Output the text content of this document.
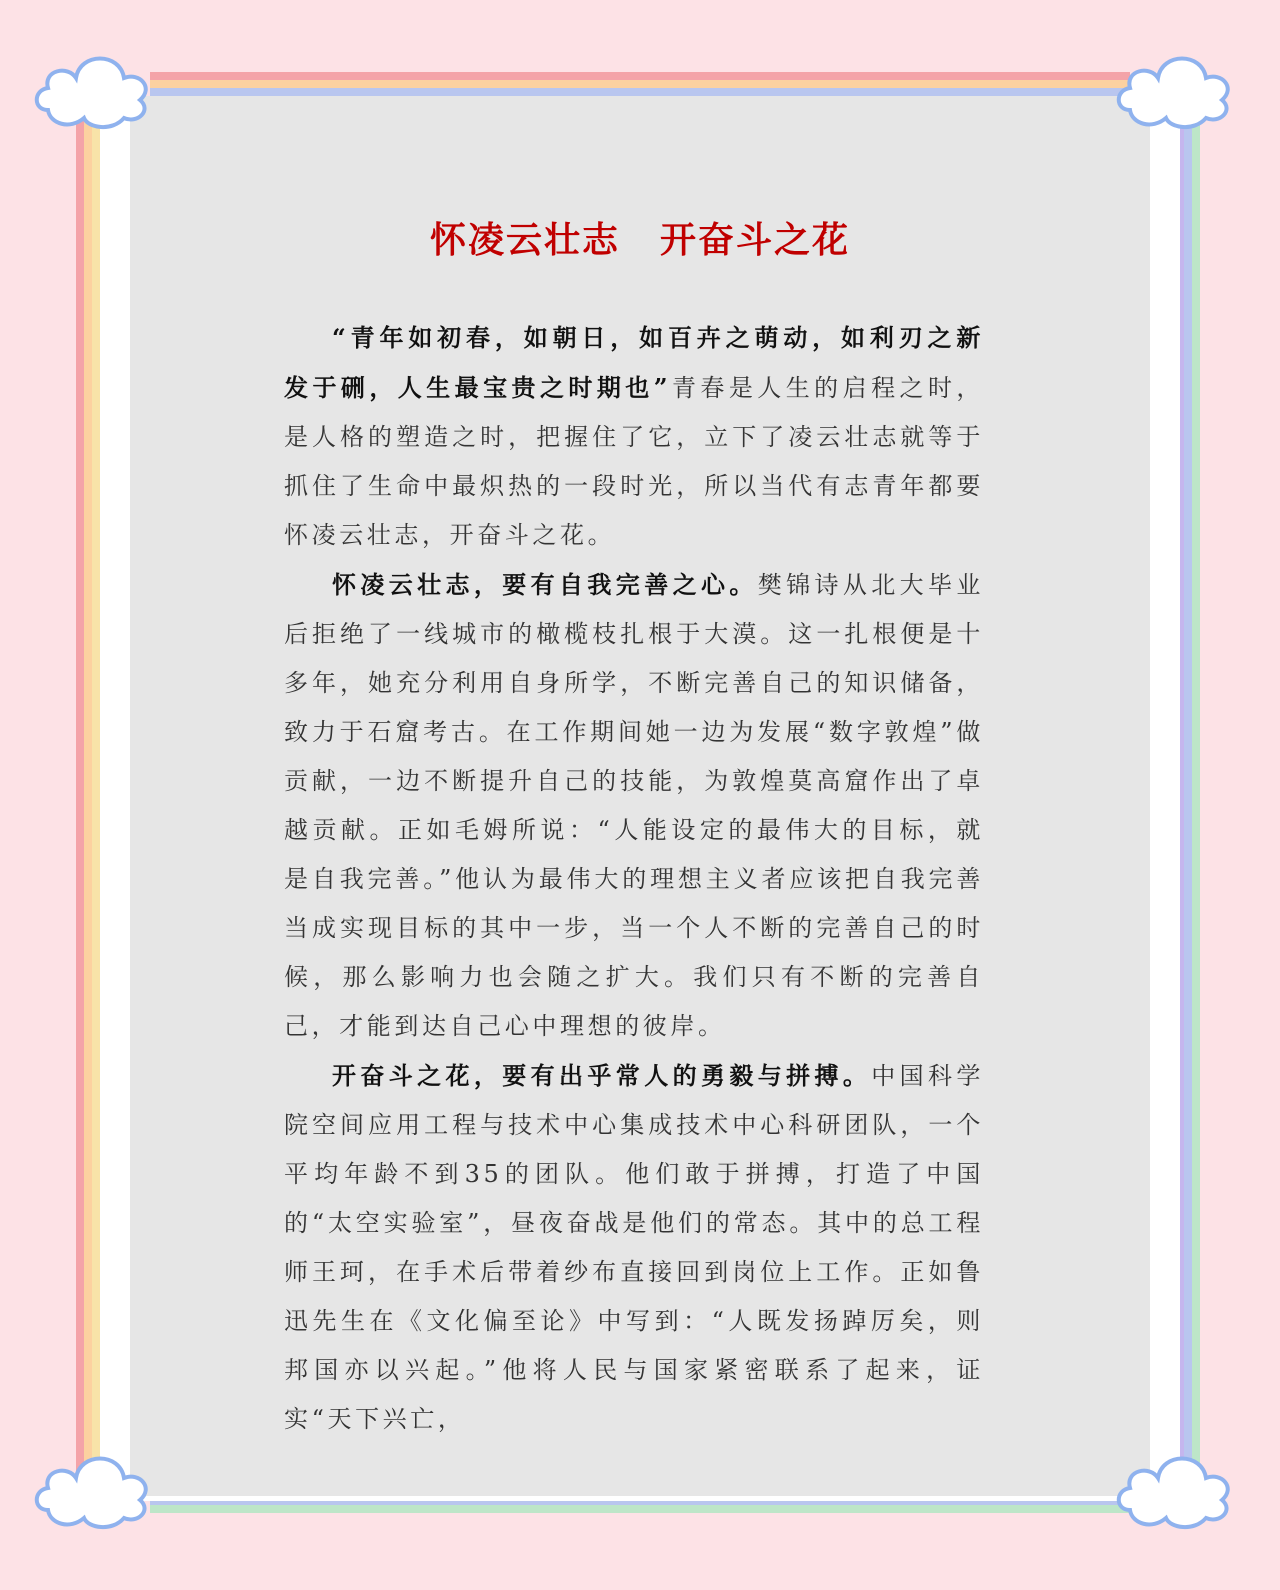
怀凌云壮志 开奋斗之花

“青年如初春，如朝日，如百卉之萌动，如利刃之新发于硎，人生最宝贵之时期也”青春是人生的启程之时，是人格的塑造之时，把握住了它，立下了凌云壮志就等于抓住了生命中最炽热的一段时光，所以当代有志青年都要怀凌云壮志，开奋斗之花。

怀凌云壮志，要有自我完善之心。樊锦诗从北大毕业后拒绝了一线城市的橄榄枝扎根于大漠。这一扎根便是十多年，她充分利用自身所学，不断完善自己的知识储备，致力于石窟考古。在工作期间她一边为发展“数字敦煌”做贡献，一边不断提升自己的技能，为敦煌莫高窟作出了卓越贡献。正如毛姆所说：“人能设定的最伟大的目标，就是自我完善。”他认为最伟大的理想主义者应该把自我完善当成实现目标的其中一步，当一个人不断的完善自己的时候，那么影响力也会随之扩大。我们只有不断的完善自己，才能到达自己心中理想的彼岸。

开奋斗之花，要有出乎常人的勇毅与拼搏。中国科学院空间应用工程与技术中心集成技术中心科研团队，一个平均年龄不到35的团队。他们敢于拼搏，打造了中国的“太空实验室”，昼夜奋战是他们的常态。其中的总工程师王珂，在手术后带着纱布直接回到岗位上工作。正如鲁迅先生在《文化偏至论》中写到：“人既发扬踔厉矣，则邦国亦以兴起。”他将人民与国家紧密联系了起来，证实“天下兴亡，
